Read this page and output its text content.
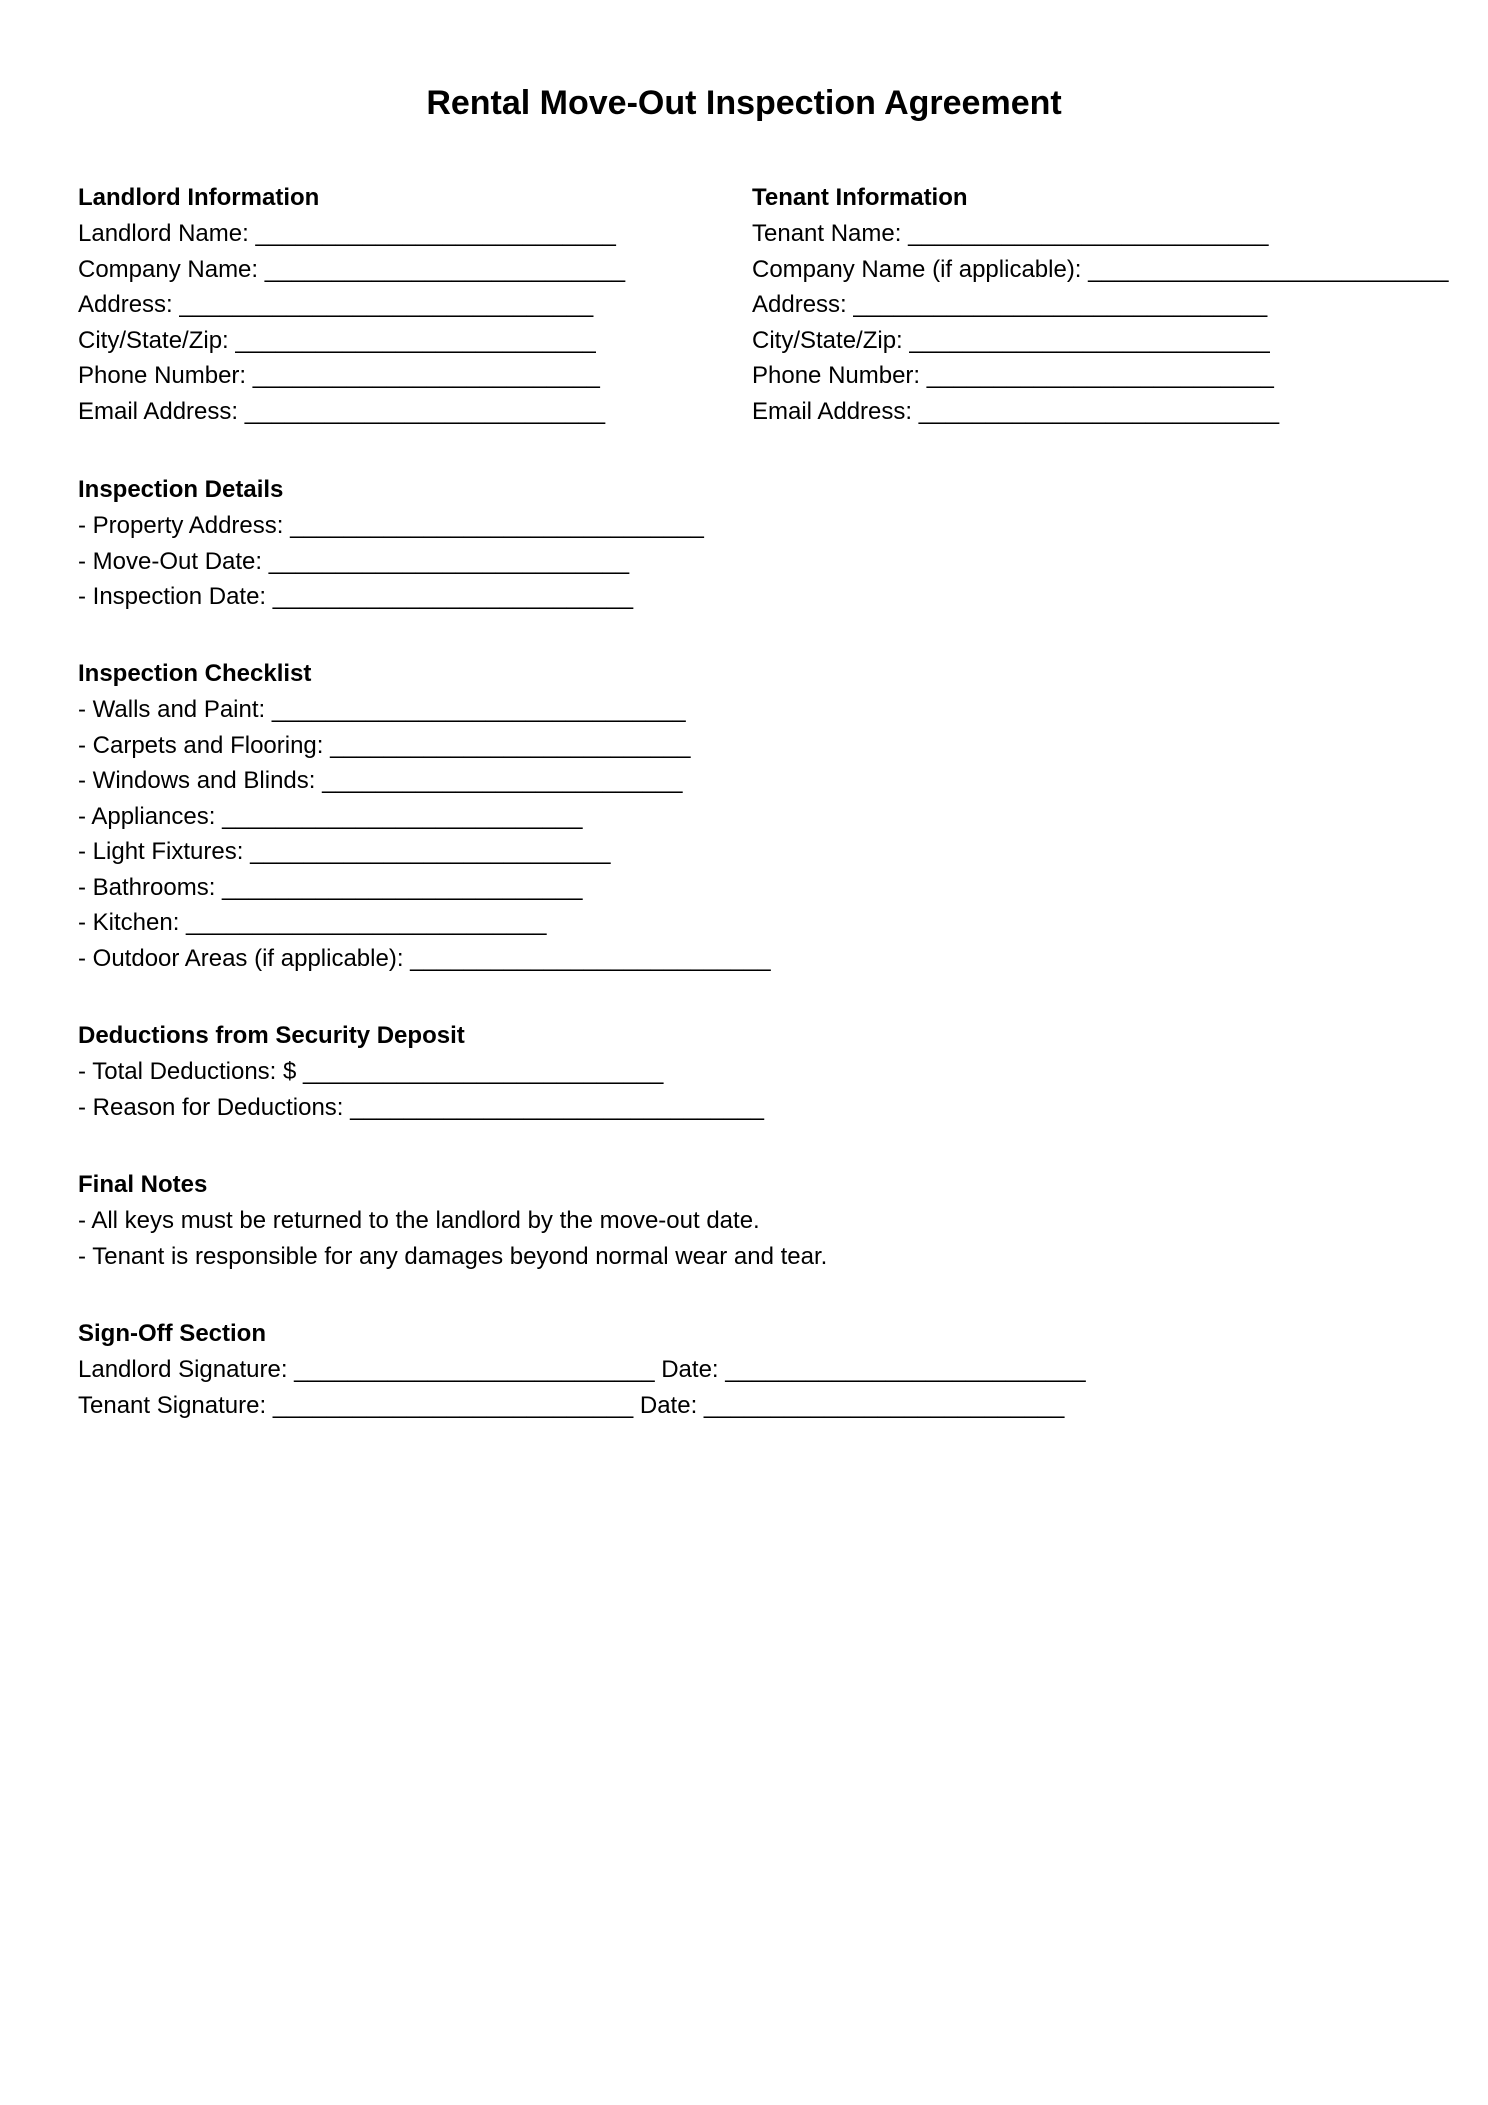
Rental Move-Out Inspection Agreement
Landlord Information
Landlord Name: ___________________________
Company Name: ___________________________
Address: _______________________________
City/State/Zip: ___________________________
Phone Number: __________________________
Email Address: ___________________________
Tenant Information
Tenant Name: ___________________________
Company Name (if applicable): ___________________________
Address: _______________________________
City/State/Zip: ___________________________
Phone Number: __________________________
Email Address: ___________________________
Inspection Details
- Property Address: _______________________________
- Move-Out Date: ___________________________
- Inspection Date: ___________________________
Inspection Checklist
- Walls and Paint: _______________________________
- Carpets and Flooring: ___________________________
- Windows and Blinds: ___________________________
- Appliances: ___________________________
- Light Fixtures: ___________________________
- Bathrooms: ___________________________
- Kitchen: ___________________________
- Outdoor Areas (if applicable): ___________________________
Deductions from Security Deposit
- Total Deductions: $ ___________________________
- Reason for Deductions: _______________________________
Final Notes
- All keys must be returned to the landlord by the move-out date.
- Tenant is responsible for any damages beyond normal wear and tear.
Sign-Off Section
Landlord Signature: ___________________________ Date: ___________________________
Tenant Signature: ___________________________ Date: ___________________________
